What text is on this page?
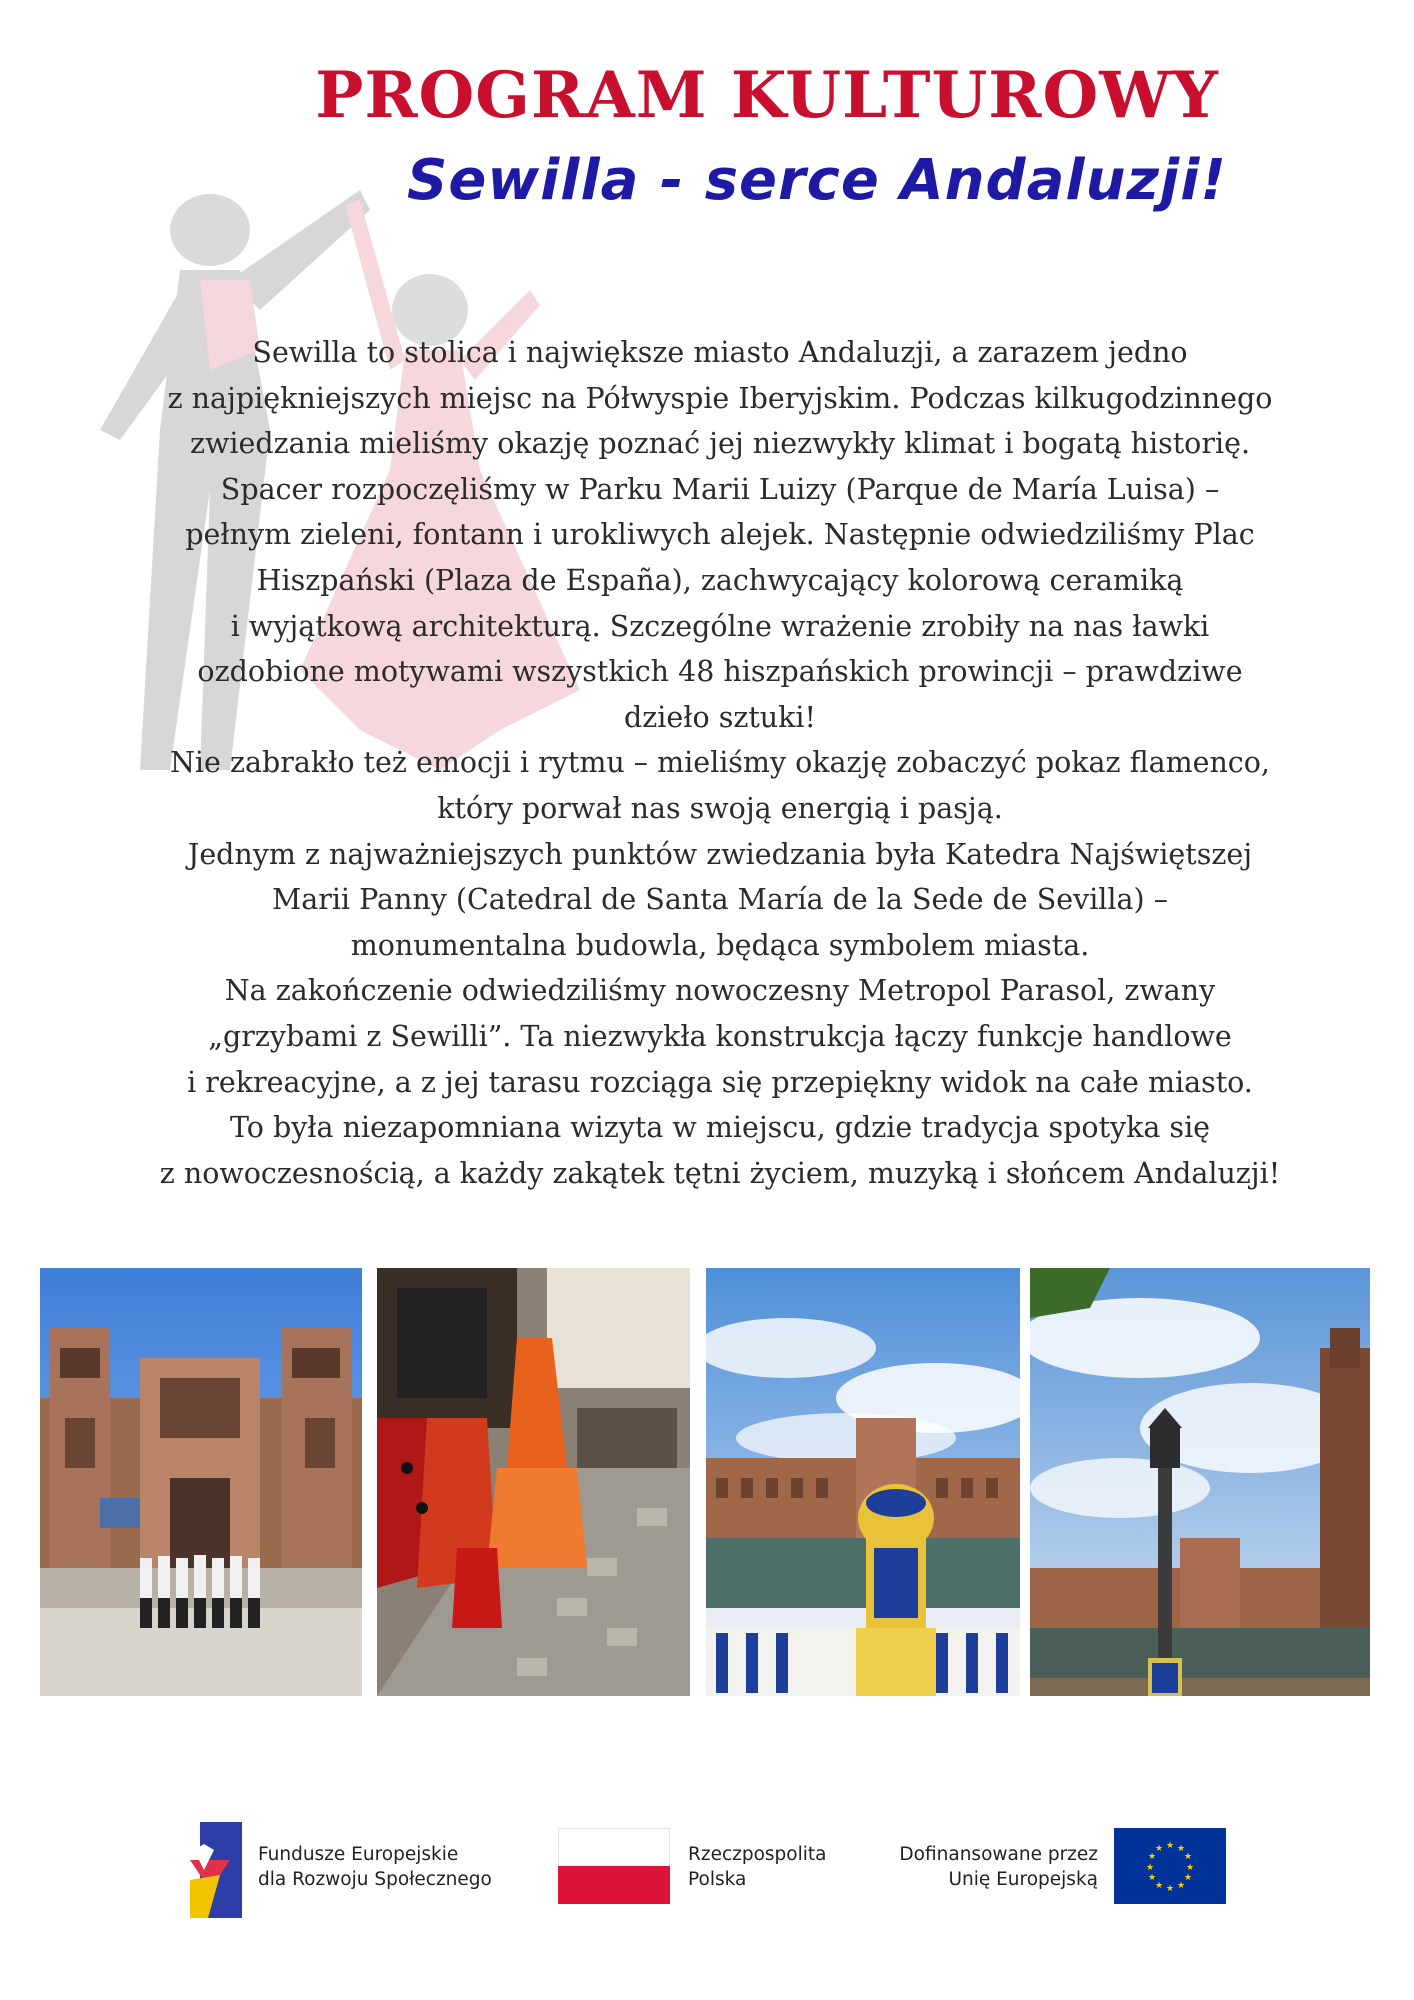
PROGRAM KULTUROWY
Sewilla - serce Andaluzji!

Sewilla to stolica i największe miasto Andaluzji, a zarazem jedno

z najpiękniejszych miejsc na Półwyspie Iberyjskim. Podczas kilkugodzinnego

zwiedzania mieliśmy okazję poznać jej niezwykły klimat i bogatą historię.

Spacer rozpoczęliśmy w Parku Marii Luizy (Parque de María Luisa) –

pełnym zieleni, fontann i urokliwych alejek. Następnie odwiedziliśmy Plac

Hiszpański (Plaza de España), zachwycający kolorową ceramiką

i wyjątkową architekturą. Szczególne wrażenie zrobiły na nas ławki

ozdobione motywami wszystkich 48 hiszpańskich prowincji – prawdziwe

dzieło sztuki!

Nie zabrakło też emocji i rytmu – mieliśmy okazję zobaczyć pokaz flamenco,

który porwał nas swoją energią i pasją.

Jednym z najważniejszych punktów zwiedzania była Katedra Najświętszej

Marii Panny (Catedral de Santa María de la Sede de Sevilla) –

monumentalna budowla, będąca symbolem miasta.

Na zakończenie odwiedziliśmy nowoczesny Metropol Parasol, zwany

„grzybami z Sewilli”. Ta niezwykła konstrukcja łączy funkcje handlowe

i rekreacyjne, a z jej tarasu rozciąga się przepiękny widok na całe miasto.

To była niezapomniana wizyta w miejscu, gdzie tradycja spotyka się

z nowoczesnością, a każdy zakątek tętni życiem, muzyką i słońcem Andaluzji!

Fundusze Europejskie
dla Rozwoju Społecznego
Rzeczpospolita
Polska
Dofinansowane przez
Unię Europejską
★ ★
★
★
★
★
★
★
★
★
★
★
